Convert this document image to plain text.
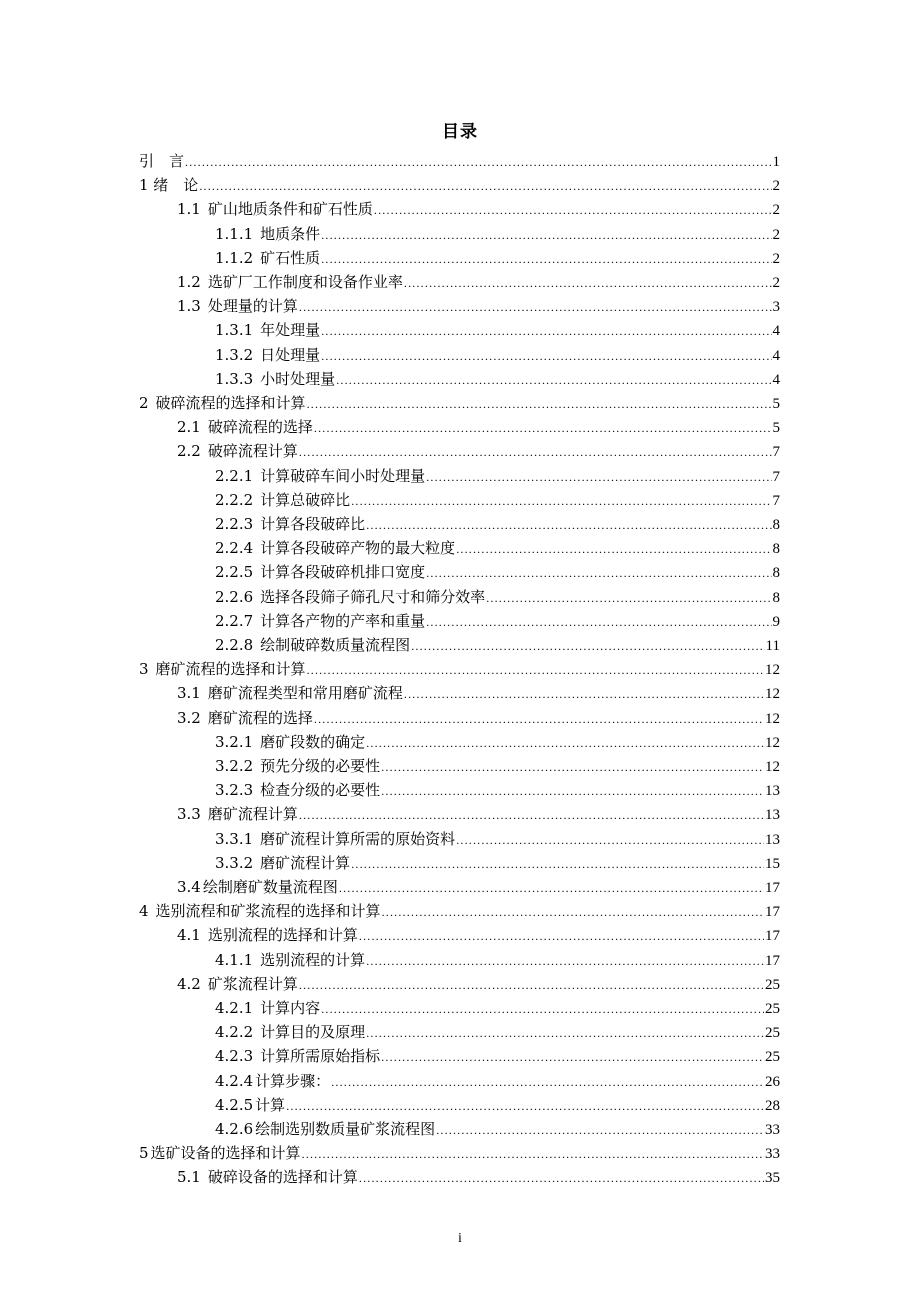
目录
引　言 .....	1
1 绪　论 .....	2
1.1 矿山地质条件和矿石性质 .....	2
1.1.1 地质条件 .....	2
1.1.2 矿石性质 .....	2
1.2 选矿厂工作制度和设备作业率 .....	2
1.3 处理量的计算 .....	3
1.3.1 年处理量 .....	4
1.3.2 日处理量 .....	4
1.3.3 小时处理量 .....	4
2 破碎流程的选择和计算 .....	5
2.1 破碎流程的选择 .....	5
2.2 破碎流程计算 .....	7
2.2.1 计算破碎车间小时处理量 .....	7
2.2.2 计算总破碎比 .....	7
2.2.3 计算各段破碎比 .....	8
2.2.4 计算各段破碎产物的最大粒度 .....	8
2.2.5 计算各段破碎机排口宽度 .....	8
2.2.6 选择各段筛子筛孔尺寸和筛分效率 .....	8
2.2.7 计算各产物的产率和重量 .....	9
2.2.8 绘制破碎数质量流程图 .....	11
3 磨矿流程的选择和计算 .....	12
3.1 磨矿流程类型和常用磨矿流程 .....	12
3.2 磨矿流程的选择 .....	12
3.2.1 磨矿段数的确定 .....	12
3.2.2 预先分级的必要性 .....	12
3.2.3 检查分级的必要性 .....	13
3.3 磨矿流程计算 .....	13
3.3.1 磨矿流程计算所需的原始资料 .....	13
3.3.2 磨矿流程计算 .....	15
3.4 绘制磨矿数量流程图 .....	17
4 选别流程和矿浆流程的选择和计算 .....	17
4.1 选别流程的选择和计算 .....	17
4.1.1 选别流程的计算 .....	17
4.2 矿浆流程计算 .....	25
4.2.1 计算内容 .....	25
4.2.2 计算目的及原理 .....	25
4.2.3 计算所需原始指标 .....	25
4.2.4 计算步骤： .....	26
4.2.5 计算 .....	28
4.2.6 绘制选别数质量矿浆流程图 .....	33
5 选矿设备的选择和计算 .....	33
5.1 破碎设备的选择和计算 .....	35
i
